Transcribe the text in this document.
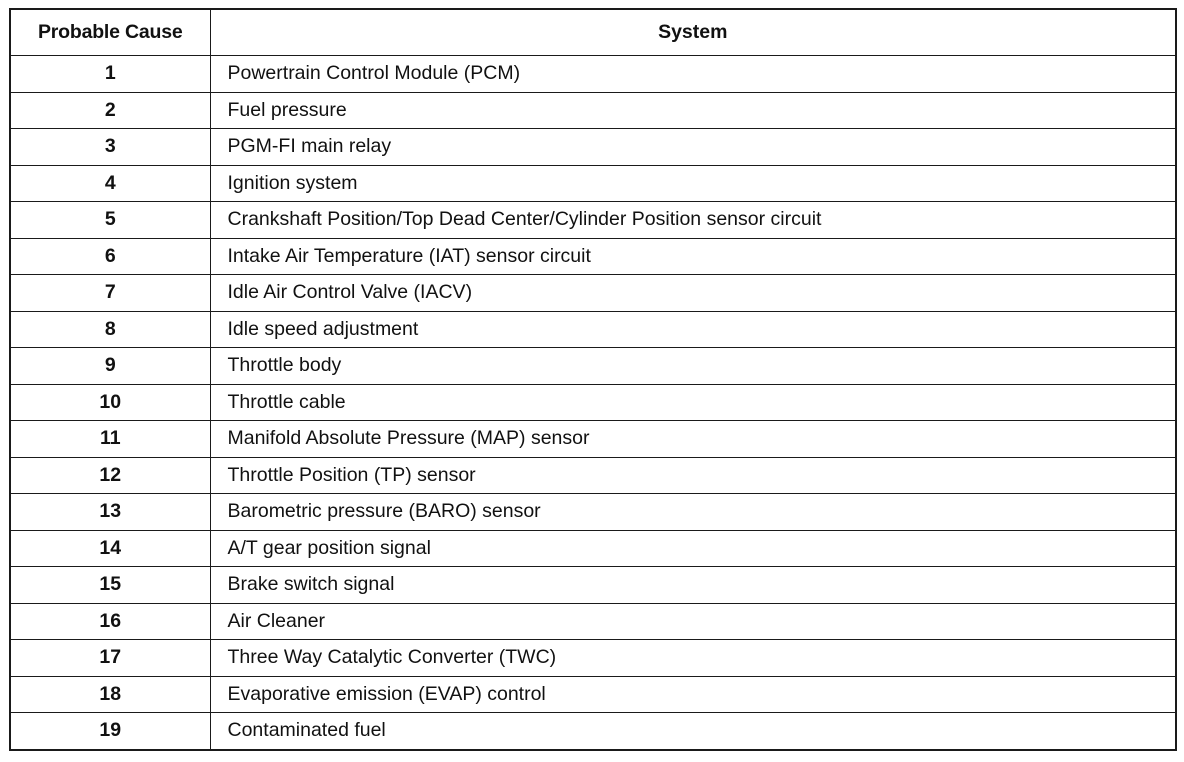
Probable Cause	System
1	Powertrain Control Module (PCM)
2	Fuel pressure
3	PGM-FI main relay
4	Ignition system
5	Crankshaft Position/Top Dead Center/Cylinder Position sensor circuit
6	Intake Air Temperature (IAT) sensor circuit
7	Idle Air Control Valve (IACV)
8	Idle speed adjustment
9	Throttle body
10	Throttle cable
11	Manifold Absolute Pressure (MAP) sensor
12	Throttle Position (TP) sensor
13	Barometric pressure (BARO) sensor
14	A/T gear position signal
15	Brake switch signal
16	Air Cleaner
17	Three Way Catalytic Converter (TWC)
18	Evaporative emission (EVAP) control
19	Contaminated fuel
